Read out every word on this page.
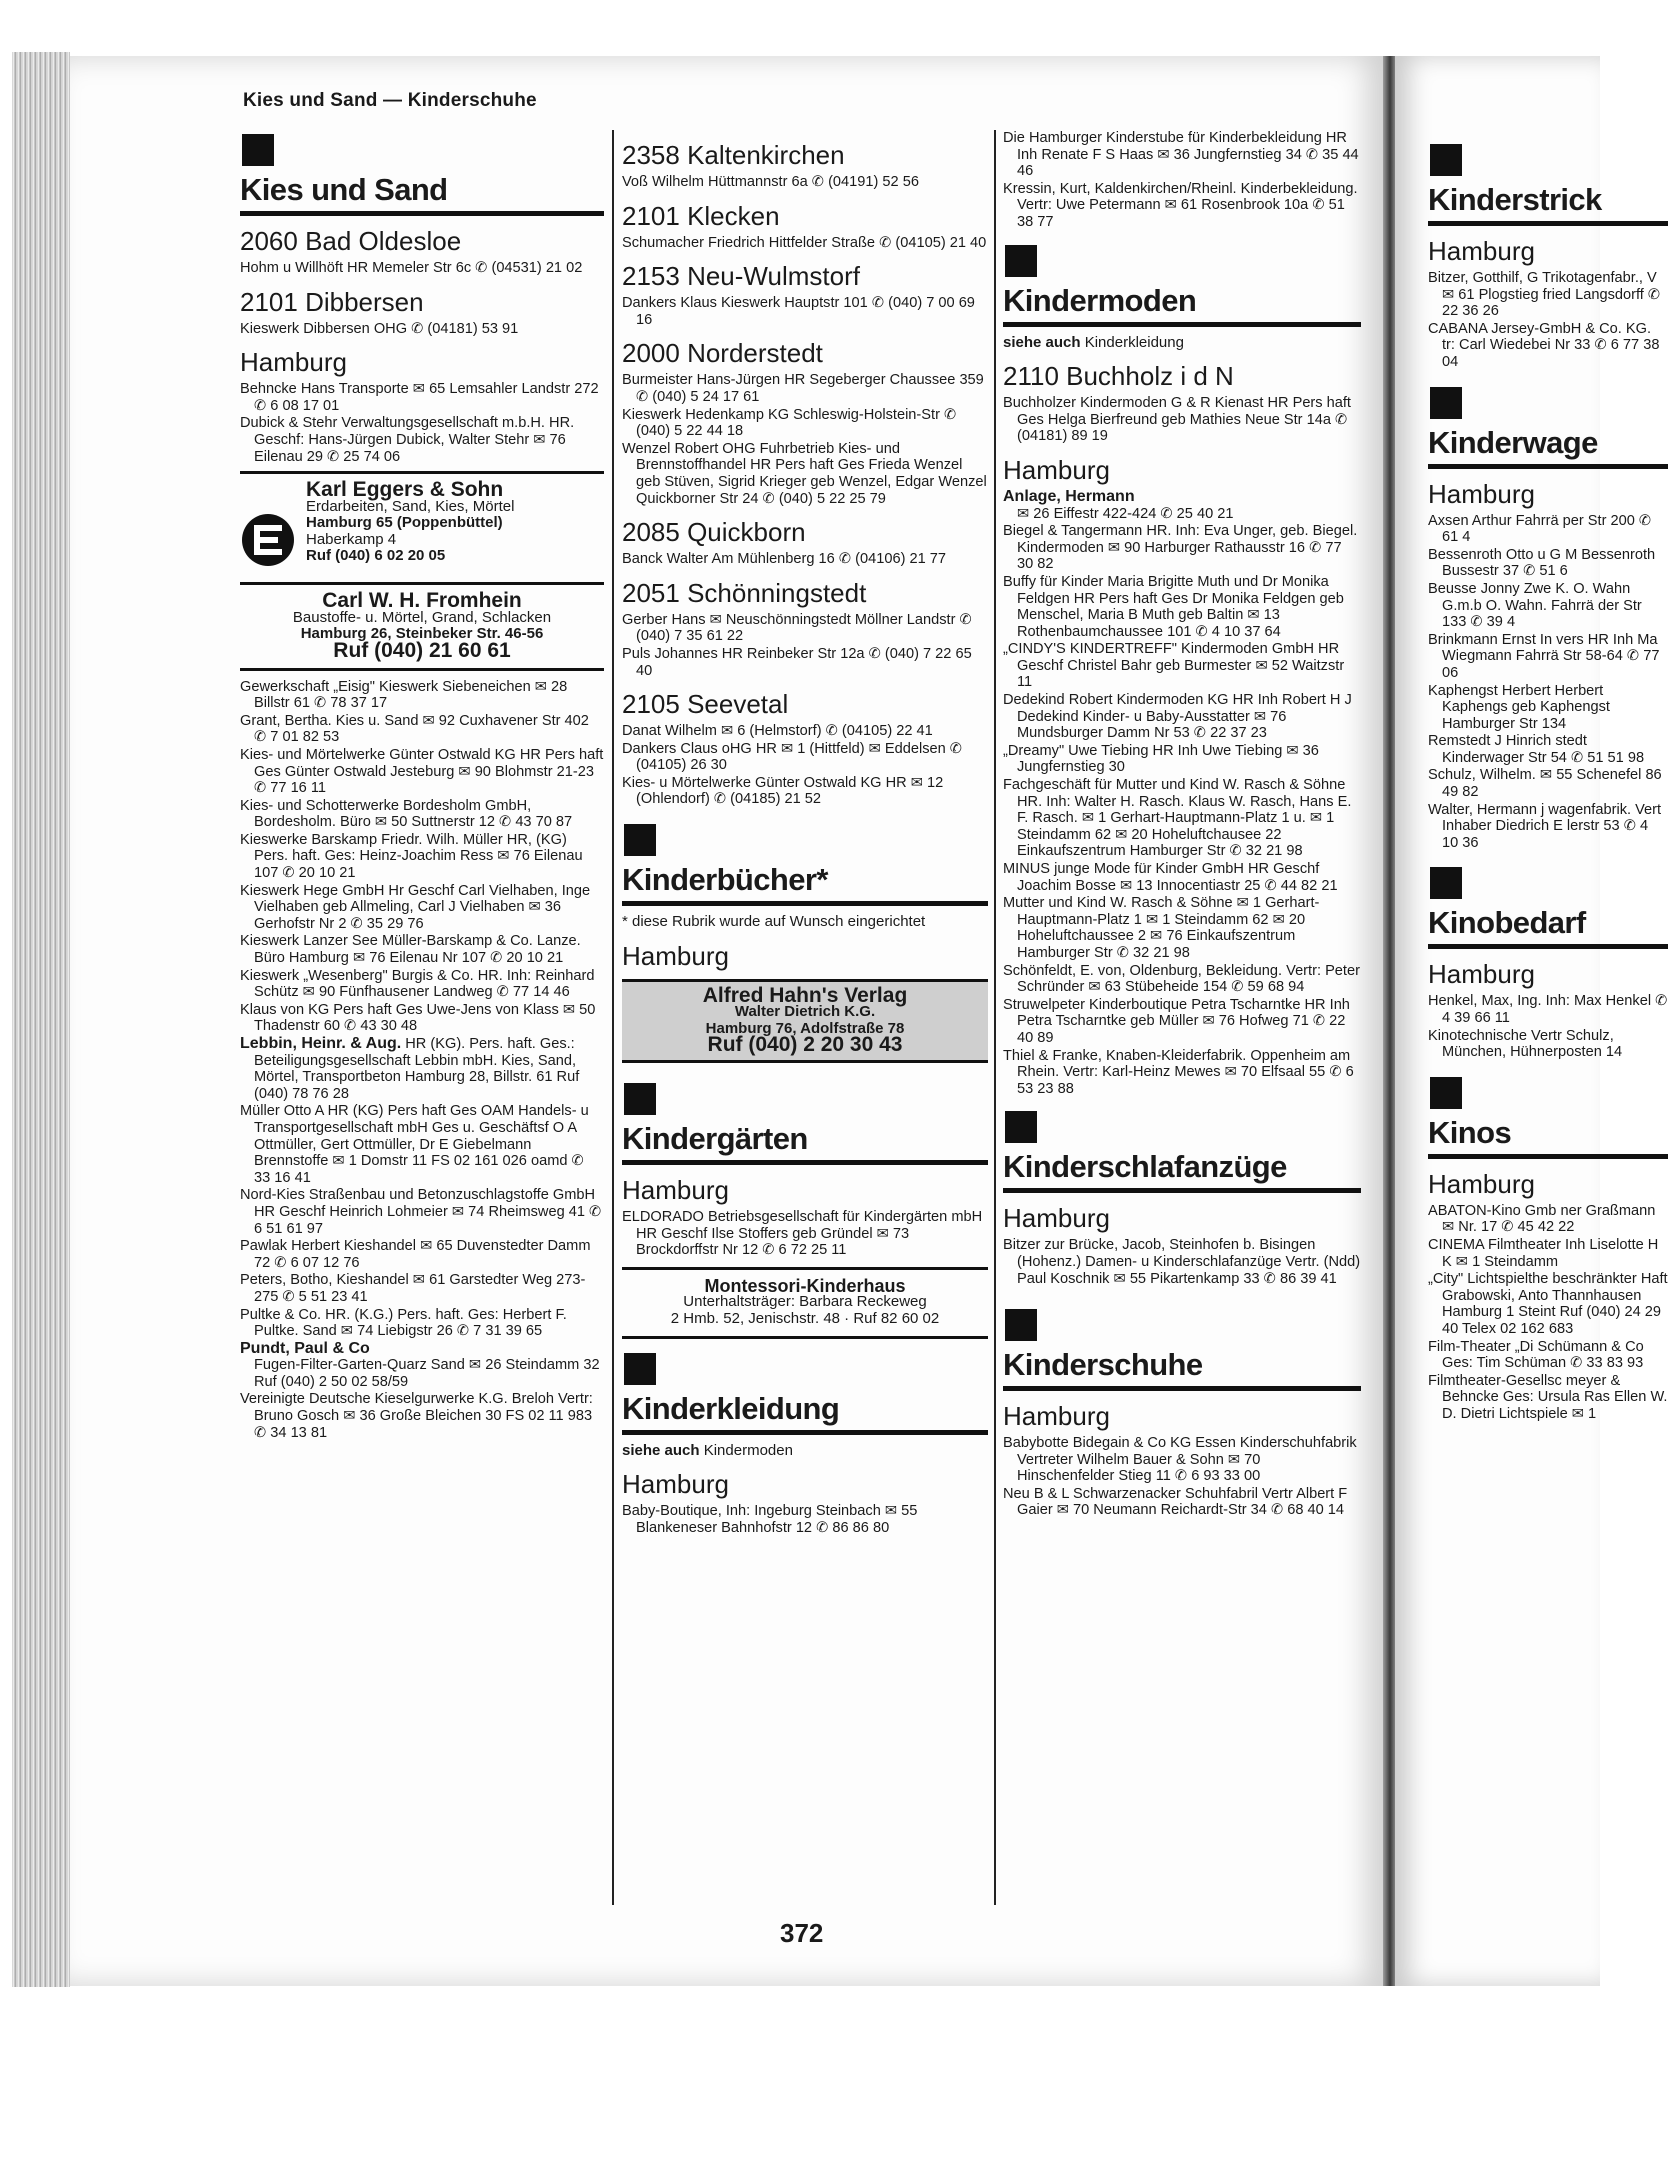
Kies und Sand — Kinderschuhe
Kies und Sand
2060 Bad Oldesloe
Hohm u Willhöft HR Memeler Str 6c ✆ (04531) 21 02
2101 Dibbersen
Kieswerk Dibbersen OHG ✆ (04181) 53 91
Hamburg
Behncke Hans Transporte ✉ 65 Lemsahler Landstr 272 ✆ 6 08 17 01
Dubick & Stehr Verwaltungsgesellschaft m.b.H. HR. Geschf: Hans-Jürgen Dubick, Walter Stehr ✉ 76 Eilenau 29 ✆ 25 74 06
Karl Eggers & Sohn
Erdarbeiten, Sand, Kies, Mörtel
Hamburg 65 (Poppenbüttel)
Haberkamp 4
Ruf (040) 6 02 20 05
Carl W. H. Fromhein
Baustoffe- u. Mörtel, Grand, Schlacken
Hamburg 26, Steinbeker Str. 46-56
Ruf (040) 21 60 61
Gewerkschaft „Eisig" Kieswerk Siebeneichen ✉ 28 Billstr 61 ✆ 78 37 17
Grant, Bertha. Kies u. Sand ✉ 92 Cuxhavener Str 402 ✆ 7 01 82 53
Kies- und Mörtelwerke Günter Ostwald KG HR Pers haft Ges Günter Ostwald Jesteburg ✉ 90 Blohmstr 21-23 ✆ 77 16 11
Kies- und Schotterwerke Bordesholm GmbH, Bordesholm. Büro ✉ 50 Suttnerstr 12 ✆ 43 70 87
Kieswerke Barskamp Friedr. Wilh. Müller HR, (KG) Pers. haft. Ges: Heinz-Joachim Ress ✉ 76 Eilenau 107 ✆ 20 10 21
Kieswerk Hege GmbH Hr Geschf Carl Vielhaben, Inge Vielhaben geb Allmeling, Carl J Vielhaben ✉ 36 Gerhofstr Nr 2 ✆ 35 29 76
Kieswerk Lanzer See Müller-Barskamp & Co. Lanze. Büro Hamburg ✉ 76 Eilenau Nr 107 ✆ 20 10 21
Kieswerk „Wesenberg" Burgis & Co. HR. Inh: Reinhard Schütz ✉ 90 Fünfhausener Landweg ✆ 77 14 46
Klaus von KG Pers haft Ges Uwe-Jens von Klass ✉ 50 Thadenstr 60 ✆ 43 30 48
Lebbin, Heinr. & Aug. HR (KG). Pers. haft. Ges.: Beteiligungsgesellschaft Lebbin mbH. Kies, Sand, Mörtel, Transportbeton Hamburg 28, Billstr. 61 Ruf (040) 78 76 28
Müller Otto A HR (KG) Pers haft Ges OAM Handels- u Transportgesellschaft mbH Ges u. Geschäftsf O A Ottmüller, Gert Ottmüller, Dr E Giebelmann Brennstoffe ✉ 1 Domstr 11 FS 02 161 026 oamd ✆ 33 16 41
Nord-Kies Straßenbau und Betonzuschlagstoffe GmbH HR Geschf Heinrich Lohmeier ✉ 74 Rheimsweg 41 ✆ 6 51 61 97
Pawlak Herbert Kieshandel ✉ 65 Duvenstedter Damm 72 ✆ 6 07 12 76
Peters, Botho, Kieshandel ✉ 61 Garstedter Weg 273-275 ✆ 5 51 23 41
Pultke & Co. HR. (K.G.) Pers. haft. Ges: Herbert F. Pultke. Sand ✉ 74 Liebigstr 26 ✆ 7 31 39 65
Pundt, Paul & Co
Fugen-Filter-Garten-Quarz Sand ✉ 26 Steindamm 32 Ruf (040) 2 50 02 58/59
Vereinigte Deutsche Kieselgurwerke K.G. Breloh Vertr: Bruno Gosch ✉ 36 Große Bleichen 30 FS 02 11 983 ✆ 34 13 81
2358 Kaltenkirchen
Voß Wilhelm Hüttmannstr 6a ✆ (04191) 52 56
2101 Klecken
Schumacher Friedrich Hittfelder Straße ✆ (04105) 21 40
2153 Neu-Wulmstorf
Dankers Klaus Kieswerk Hauptstr 101 ✆ (040) 7 00 69 16
2000 Norderstedt
Burmeister Hans-Jürgen HR Segeberger Chaussee 359 ✆ (040) 5 24 17 61
Kieswerk Hedenkamp KG Schleswig-Holstein-Str ✆ (040) 5 22 44 18
Wenzel Robert OHG Fuhrbetrieb Kies- und Brennstoffhandel HR Pers haft Ges Frieda Wenzel geb Stüven, Sigrid Krieger geb Wenzel, Edgar Wenzel Quickborner Str 24 ✆ (040) 5 22 25 79
2085 Quickborn
Banck Walter Am Mühlenberg 16 ✆ (04106) 21 77
2051 Schönningstedt
Gerber Hans ✉ Neuschönningstedt Möllner Landstr ✆ (040) 7 35 61 22
Puls Johannes HR Reinbeker Str 12a ✆ (040) 7 22 65 40
2105 Seevetal
Danat Wilhelm ✉ 6 (Helmstorf) ✆ (04105) 22 41
Dankers Claus oHG HR ✉ 1 (Hittfeld) ✉ Eddelsen ✆ (04105) 26 30
Kies- u Mörtelwerke Günter Ostwald KG HR ✉ 12 (Ohlendorf) ✆ (04185) 21 52
Kinderbücher*
* diese Rubrik wurde auf Wunsch eingerichtet
Hamburg
Alfred Hahn's Verlag
Walter Dietrich K.G.
Hamburg 76, Adolfstraße 78
Ruf (040) 2 20 30 43
Kindergärten
Hamburg
ELDORADO Betriebsgesellschaft für Kindergärten mbH HR Geschf Ilse Stoffers geb Gründel ✉ 73 Brockdorffstr Nr 12 ✆ 6 72 25 11
Montessori-Kinderhaus
Unterhaltsträger: Barbara Reckeweg
2 Hmb. 52, Jenischstr. 48 · Ruf 82 60 02
Kinderkleidung
siehe auch Kindermoden
Hamburg
Baby-Boutique, Inh: Ingeburg Steinbach ✉ 55 Blankeneser Bahnhofstr 12 ✆ 86 86 80
Die Hamburger Kinderstube für Kinderbekleidung HR Inh Renate F S Haas ✉ 36 Jungfernstieg 34 ✆ 35 44 46
Kressin, Kurt, Kaldenkirchen/Rheinl. Kinderbekleidung. Vertr: Uwe Petermann ✉ 61 Rosenbrook 10a ✆ 51 38 77
Kindermoden
siehe auch Kinderkleidung
2110 Buchholz i d N
Buchholzer Kindermoden G & R Kienast HR Pers haft Ges Helga Bierfreund geb Mathies Neue Str 14a ✆ (04181) 89 19
Hamburg
Anlage, Hermann
✉ 26 Eiffestr 422-424 ✆ 25 40 21
Biegel & Tangermann HR. Inh: Eva Unger, geb. Biegel. Kindermoden ✉ 90 Harburger Rathausstr 16 ✆ 77 30 82
Buffy für Kinder Maria Brigitte Muth und Dr Monika Feldgen HR Pers haft Ges Dr Monika Feldgen geb Menschel, Maria B Muth geb Baltin ✉ 13 Rothenbaumchaussee 101 ✆ 4 10 37 64
„CINDY'S KINDERTREFF" Kindermoden GmbH HR Geschf Christel Bahr geb Burmester ✉ 52 Waitzstr 11
Dedekind Robert Kindermoden KG HR Inh Robert H J Dedekind Kinder- u Baby-Ausstatter ✉ 76 Mundsburger Damm Nr 53 ✆ 22 37 23
„Dreamy" Uwe Tiebing HR Inh Uwe Tiebing ✉ 36 Jungfernstieg 30
Fachgeschäft für Mutter und Kind W. Rasch & Söhne HR. Inh: Walter H. Rasch. Klaus W. Rasch, Hans E. F. Rasch. ✉ 1 Gerhart-Hauptmann-Platz 1 u. ✉ 1 Steindamm 62 ✉ 20 Hoheluftchausee 22 Einkaufszentrum Hamburger Str ✆ 32 21 98
MINUS junge Mode für Kinder GmbH HR Geschf Joachim Bosse ✉ 13 Innocentiastr 25 ✆ 44 82 21
Mutter und Kind W. Rasch & Söhne ✉ 1 Gerhart-Hauptmann-Platz 1 ✉ 1 Steindamm 62 ✉ 20 Hoheluftchaussee 2 ✉ 76 Einkaufszentrum Hamburger Str ✆ 32 21 98
Schönfeldt, E. von, Oldenburg, Bekleidung. Vertr: Peter Schründer ✉ 63 Stübeheide 154 ✆ 59 68 94
Struwelpeter Kinderboutique Petra Tscharntke HR Inh Petra Tscharntke geb Müller ✉ 76 Hofweg 71 ✆ 22 40 89
Thiel & Franke, Knaben-Kleiderfabrik. Oppenheim am Rhein. Vertr: Karl-Heinz Mewes ✉ 70 Elfsaal 55 ✆ 6 53 23 88
Kinderschlafanzüge
Hamburg
Bitzer zur Brücke, Jacob, Steinhofen b. Bisingen (Hohenz.) Damen- u Kinderschlafanzüge Vertr. (Ndd) Paul Koschnik ✉ 55 Pikartenkamp 33 ✆ 86 39 41
Kinderschuhe
Hamburg
Babybotte Bidegain & Co KG Essen Kinderschuhfabrik Vertreter Wilhelm Bauer & Sohn ✉ 70 Hinschenfelder Stieg 11 ✆ 6 93 33 00
Neu B & L Schwarzenacker Schuhfabril Vertr Albert F Gaier ✉ 70 Neumann Reichardt-Str 34 ✆ 68 40 14
Kinderstrick
Hamburg
Bitzer, Gotthilf, G Trikotagenfabr., V ✉ 61 Plogstieg fried Langsdorff ✆ 22 36 26
CABANA Jersey-GmbH & Co. KG. tr: Carl Wiedebei Nr 33 ✆ 6 77 38 04
Kinderwage
Hamburg
Axsen Arthur Fahrrä per Str 200 ✆ 61 4
Bessenroth Otto u G M Bessenroth Bussestr 37 ✆ 51 6
Beusse Jonny Zwe K. O. Wahn G.m.b O. Wahn. Fahrrä der Str 133 ✆ 39 4
Brinkmann Ernst In vers HR Inh Ma Wiegmann Fahrrä Str 58-64 ✆ 77 06
Kaphengst Herbert Herbert Kaphengs geb Kaphengst Hamburger Str 134
Remstedt J Hinrich stedt Kinderwager Str 54 ✆ 51 51 98
Schulz, Wilhelm. ✉ 55 Schenefel 86 49 82
Walter, Hermann j wagenfabrik. Vert Inhaber Diedrich E lerstr 53 ✆ 4 10 36
Kinobedarf
Hamburg
Henkel, Max, Ing. Inh: Max Henkel ✆ 4 39 66 11
Kinotechnische Vertr Schulz, München, Hühnerposten 14
Kinos
Hamburg
ABATON-Kino Gmb ner Graßmann ✉ Nr. 17 ✆ 45 42 22
CINEMA Filmtheater Inh Liselotte H K ✉ 1 Steindamm
„City" Lichtspielthe beschränkter Haft Grabowski, Anto Thannhausen Hamburg 1 Steint Ruf (040) 24 29 40 Telex 02 162 683
Film-Theater „Di Schümann & Co Ges: Tim Schüman ✆ 33 83 93
Filmtheater-Gesellsc meyer & Behncke Ges: Ursula Ras Ellen W. D. Dietri Lichtspiele ✉ 1
372
